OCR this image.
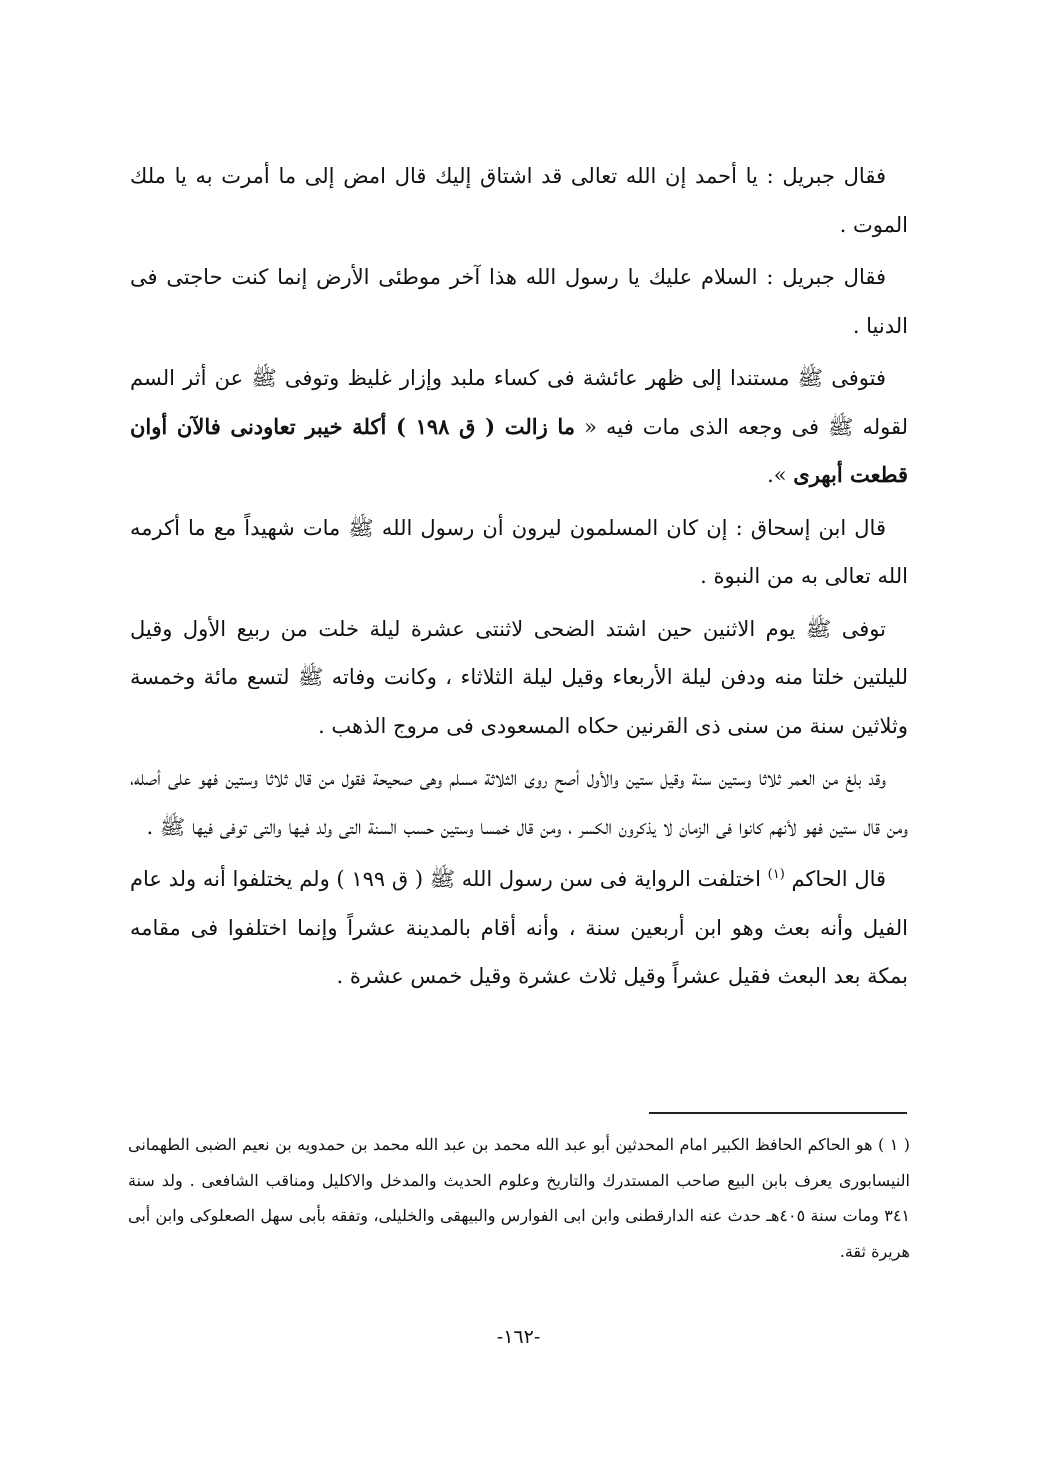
فقال جبريل : يا أحمد إن الله تعالى قد اشتاق إليك قال امض إلى ما أمرت به يا ملك الموت .

فقال جبريل : السلام عليك يا رسول الله هذا آخر موطئى الأرض إنما كنت حاجتى فى الدنيا .

فتوفى ﷺ مستندا إلى ظهر عائشة فى كساء ملبد وإزار غليظ وتوفى ﷺ عن أثر السم لقوله ﷺ فى وجعه الذى مات فيه « ما زالت ( ق ١٩٨ ) أكلة خيبر تعاودنى فالآن أوان قطعت أبهرى ».

قال ابن إسحاق : إن كان المسلمون ليرون أن رسول الله ﷺ مات شهيداً مع ما أكرمه الله تعالى به من النبوة .

توفى ﷺ يوم الاثنين حين اشتد الضحى لاثنتى عشرة ليلة خلت من ربيع الأول وقيل لليلتين خلتا منه ودفن ليلة الأربعاء وقيل ليلة الثلاثاء ، وكانت وفاته ﷺ لتسع مائة وخمسة وثلاثين سنة من سنى ذى القرنين حكاه المسعودى فى مروج الذهب .

وقد بلغ من العمر ثلاثا وستين سنة وقيل ستين والأول أصح روى الثلاثة مسلم وهى صحيحة فقول من قال ثلاثا وستين فهو على أصله، ومن قال ستين فهو لأنهم كانوا فى الزمان لا يذكرون الكسر ، ومن قال خمسا وستين حسب السنة التى ولد فيها والتى توفى فيها ﷺ .

قال الحاكم $^{(١)}$ اختلفت الرواية فى سن رسول الله ﷺ ( ق ١٩٩ ) ولم يختلفوا أنه ولد عام الفيل وأنه بعث وهو ابن أربعين سنة ، وأنه أقام بالمدينة عشراً وإنما اختلفوا فى مقامه بمكة بعد البعث فقيل عشراً وقيل ثلاث عشرة وقيل خمس عشرة .

( ١ ) هو الحاكم الحافظ الكبير امام المحدثين أبو عبد الله محمد بن عبد الله محمد بن حمدويه بن نعيم الضبى الطهمانى النيسابورى يعرف بابن البيع صاحب المستدرك والتاريخ وعلوم الحديث والمدخل والاكليل ومناقب الشافعى . ولد سنة ٣٤١ ومات سنة ٤٠٥هـ حدث عنه الدارقطنى وابن ابى الفوارس والبيهقى والخليلى، وتفقه بأبى سهل الصعلوكى وابن أبى هريرة ثقة.

-١٦٢-
